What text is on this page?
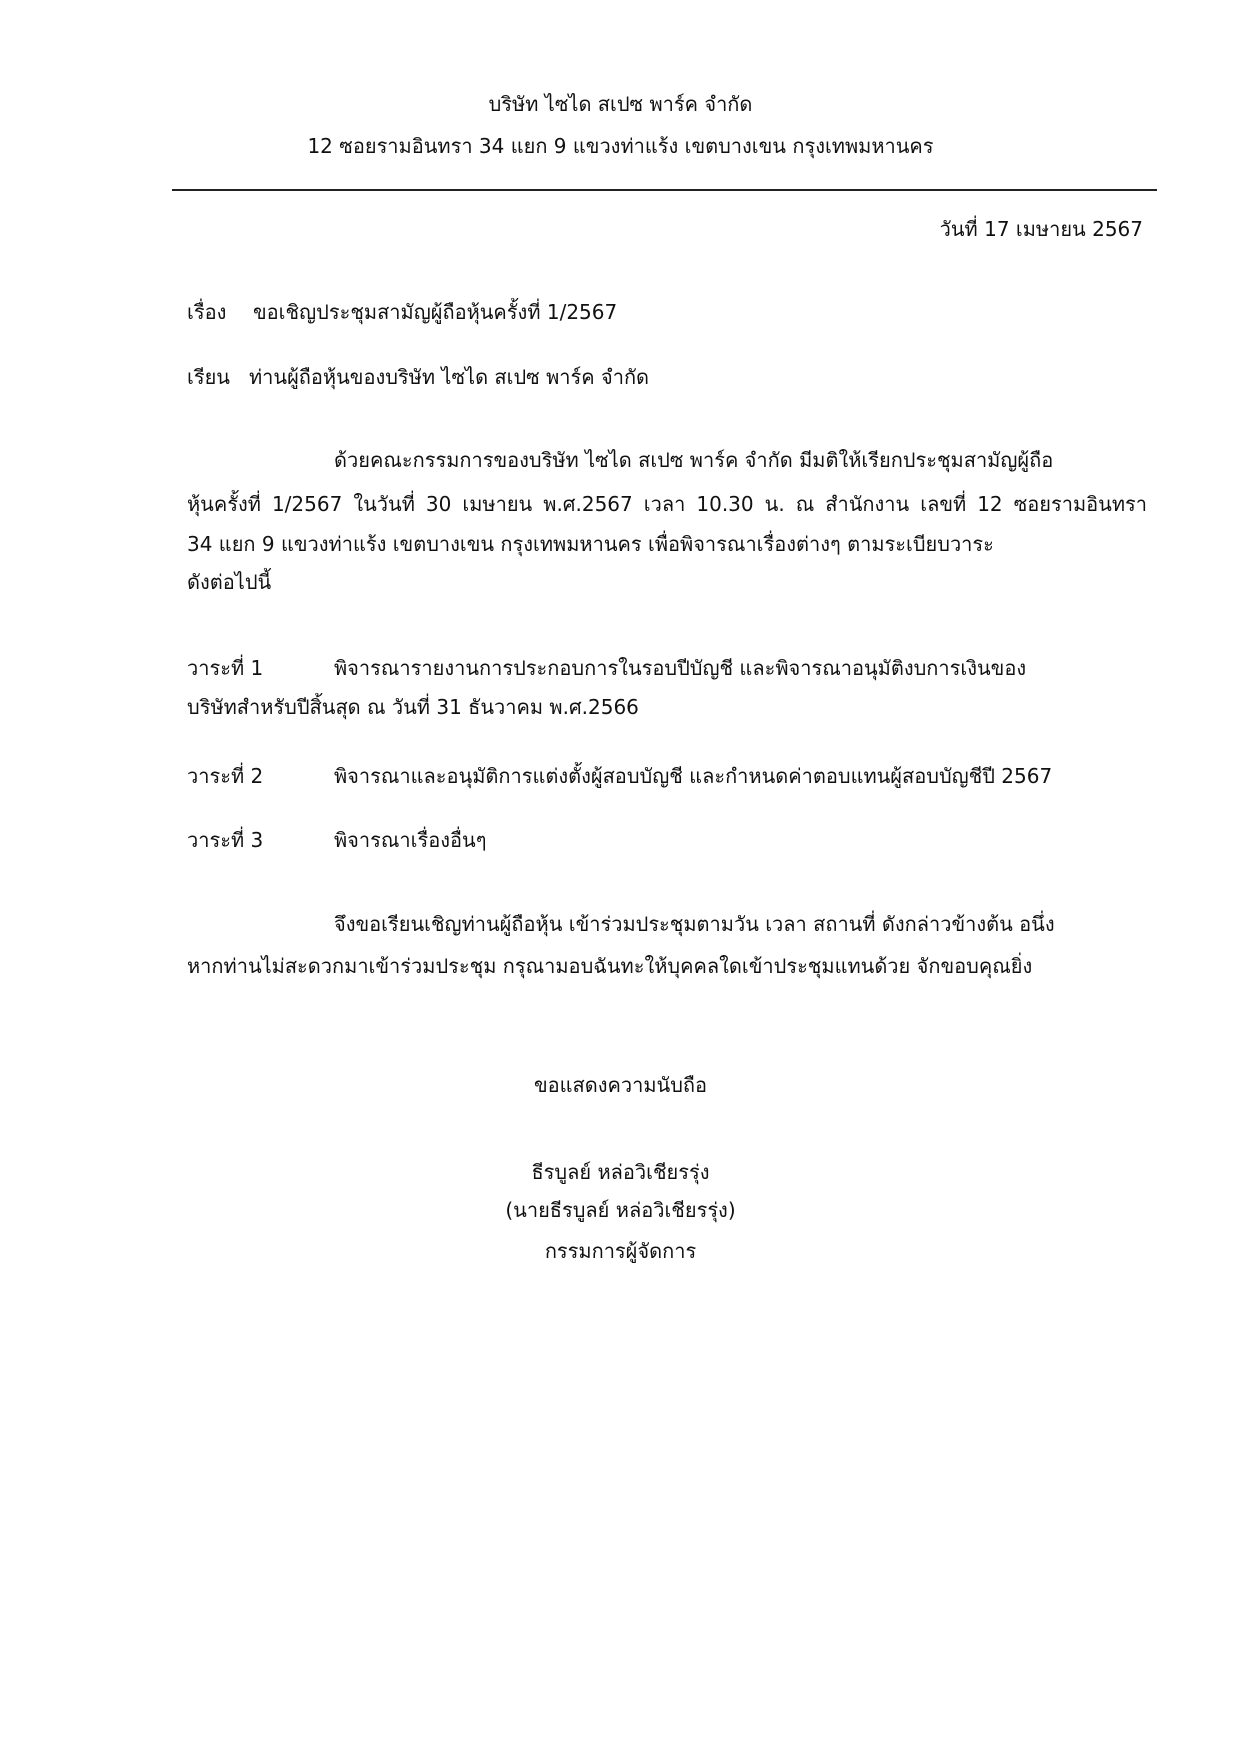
บริษัท ไซได สเปซ พาร์ค จำกัด
12 ซอยรามอินทรา 34 แยก 9 แขวงท่าแร้ง เขตบางเขน กรุงเทพมหานคร
วันที่ 17 เมษายน 2567
เรื่อง ขอเชิญประชุมสามัญผู้ถือหุ้นครั้งที่ 1/2567
เรียน ท่านผู้ถือหุ้นของบริษัท ไซได สเปซ พาร์ค จำกัด
ด้วยคณะกรรมการของบริษัท ไซได สเปซ พาร์ค จำกัด มีมติให้เรียกประชุมสามัญผู้ถือ
หุ้นครั้งที่ 1/2567 ในวันที่ 30 เมษายน พ.ศ.2567 เวลา 10.30 น. ณ สำนักงาน เลขที่ 12 ซอยรามอินทรา
34 แยก 9 แขวงท่าแร้ง เขตบางเขน กรุงเทพมหานคร เพื่อพิจารณาเรื่องต่างๆ ตามระเบียบวาระ
ดังต่อไปนี้
วาระที่ 1	พิจารณารายงานการประกอบการในรอบปีบัญชี และพิจารณาอนุมัติงบการเงินของ
บริษัทสำหรับปีสิ้นสุด ณ วันที่ 31 ธันวาคม พ.ศ.2566
วาระที่ 2	พิจารณาและอนุมัติการแต่งตั้งผู้สอบบัญชี และกำหนดค่าตอบแทนผู้สอบบัญชีปี 2567
วาระที่ 3	พิจารณาเรื่องอื่นๆ
จึงขอเรียนเชิญท่านผู้ถือหุ้น เข้าร่วมประชุมตามวัน เวลา สถานที่ ดังกล่าวข้างต้น อนึ่ง
หากท่านไม่สะดวกมาเข้าร่วมประชุม กรุณามอบฉันทะให้บุคคลใดเข้าประชุมแทนด้วย จักขอบคุณยิ่ง
ขอแสดงความนับถือ
ธีรบูลย์ หล่อวิเชียรรุ่ง
(นายธีรบูลย์ หล่อวิเชียรรุ่ง)
กรรมการผู้จัดการ
